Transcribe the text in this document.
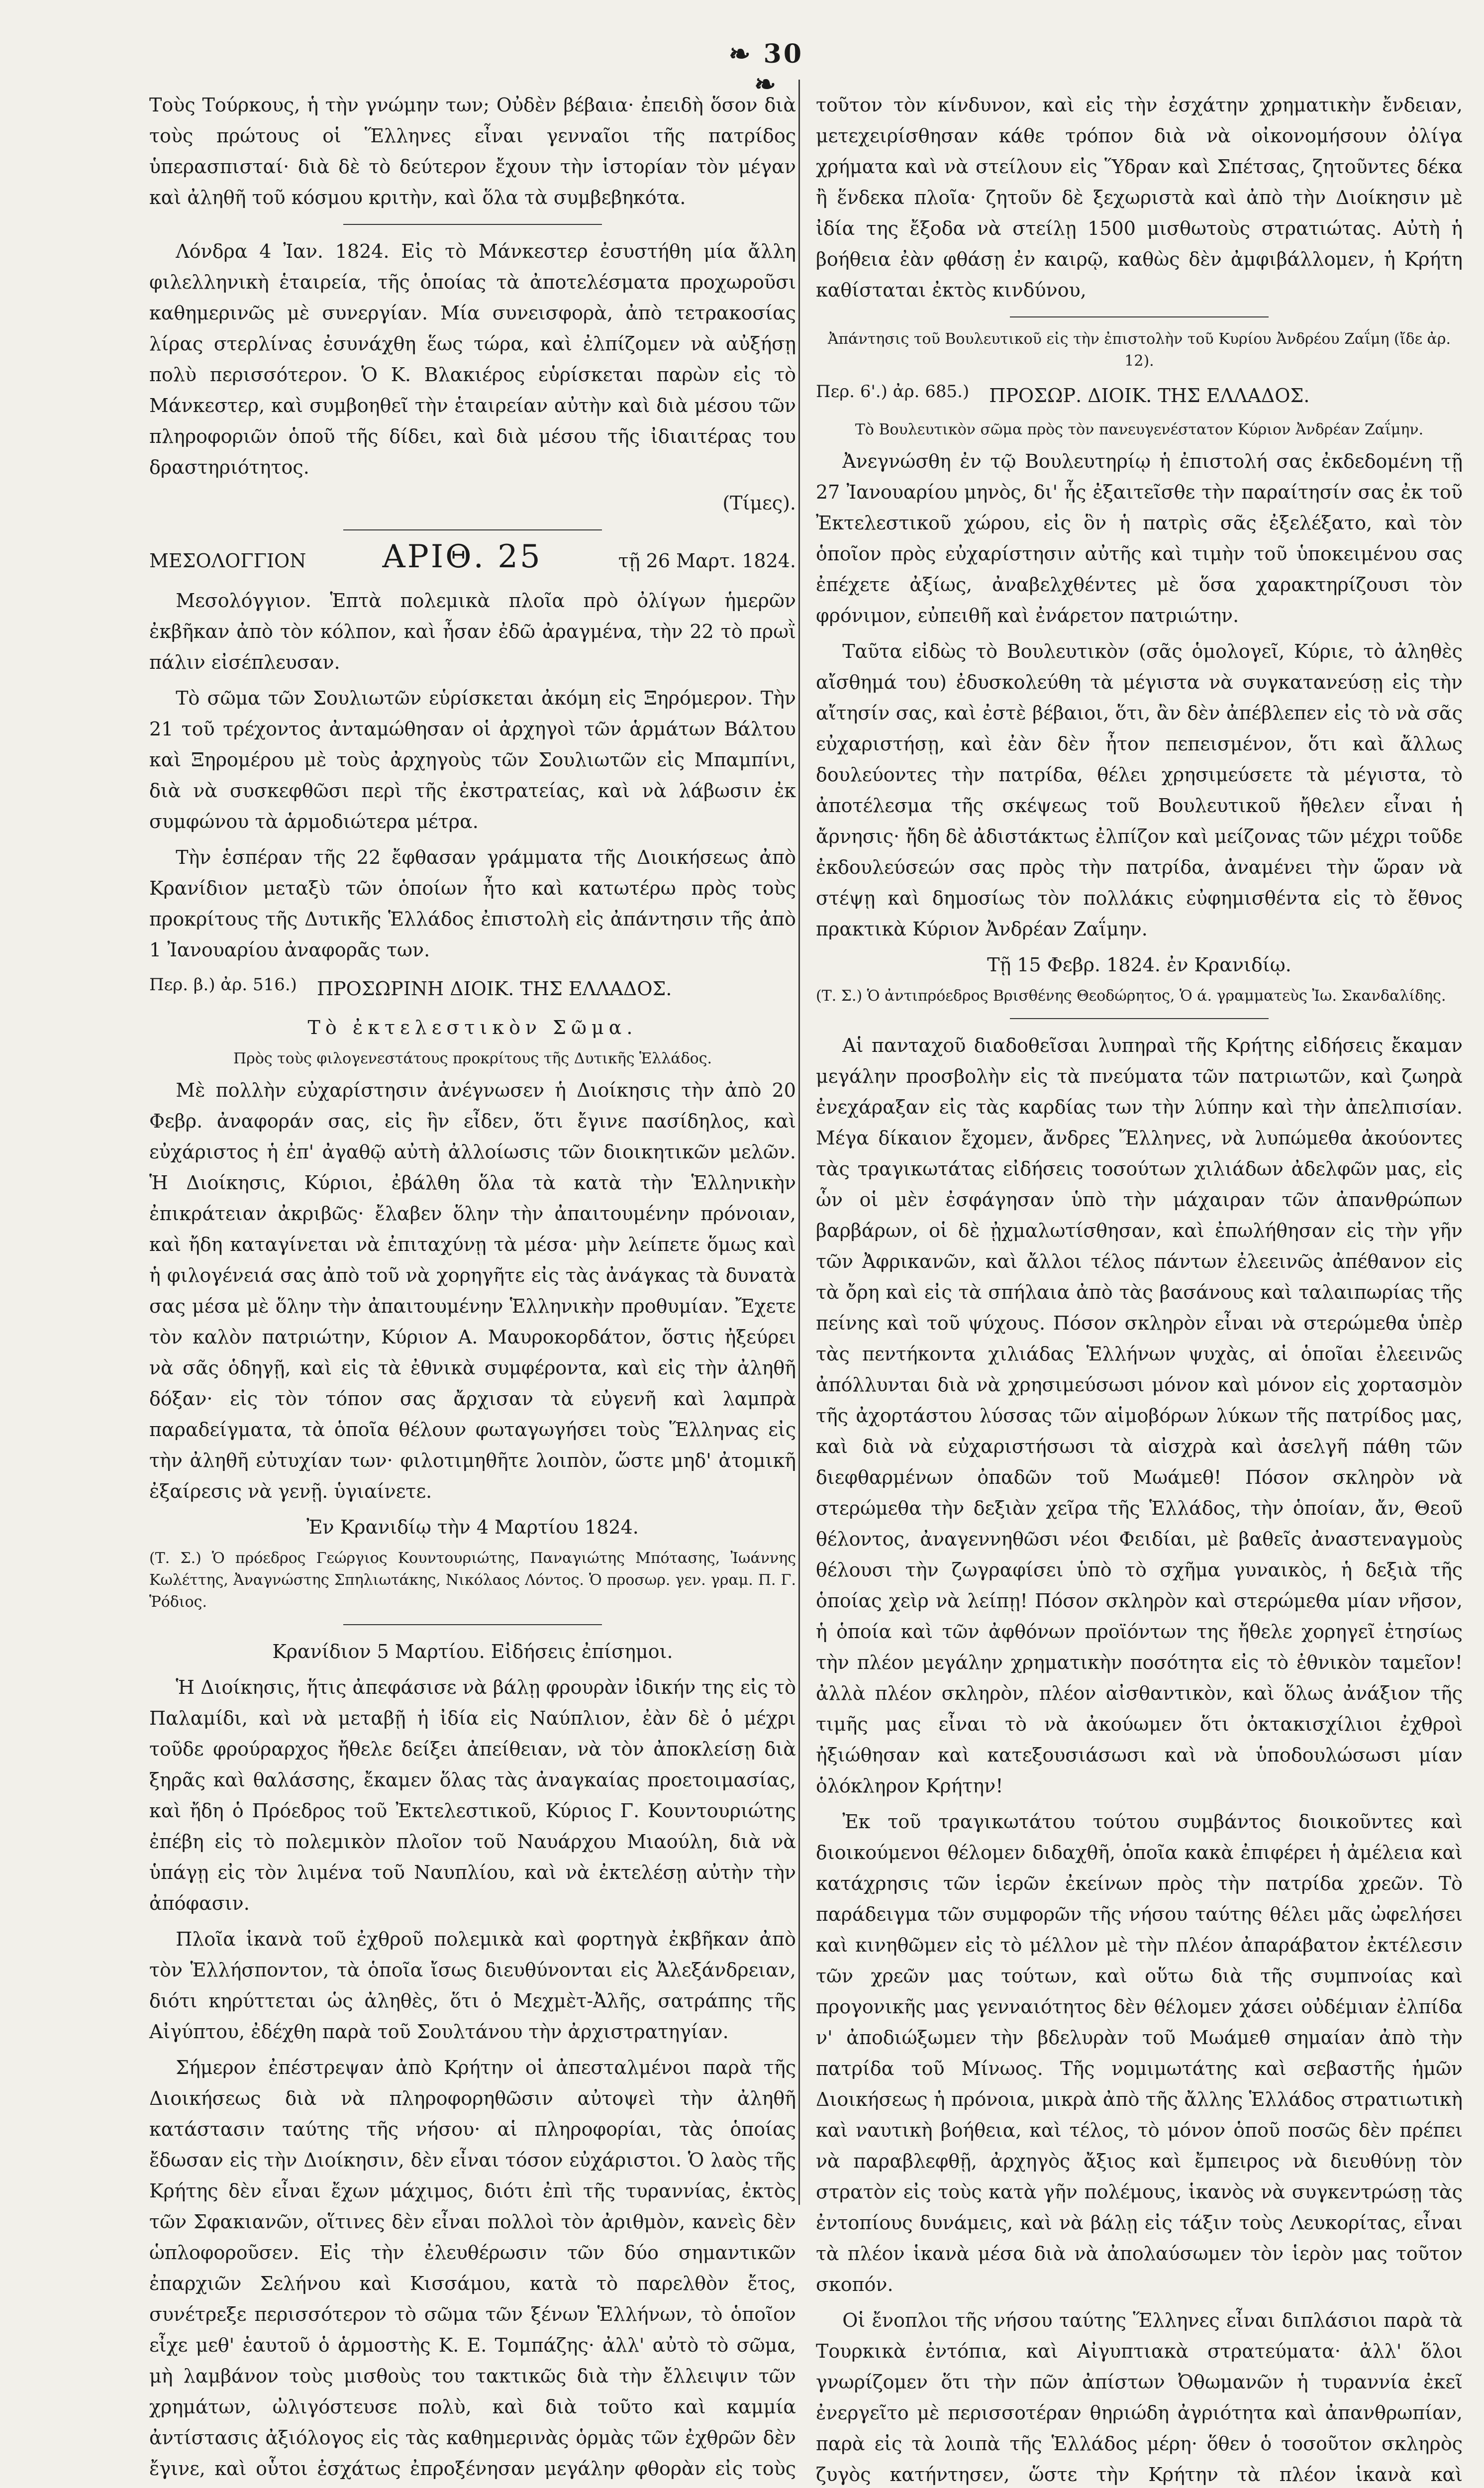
❧ 30 ❧

Τοὺς Τούρκους, ἡ τὴν γνώμην των; Οὐδὲν βέβαια· ἐπειδὴ ὅσον διὰ τοὺς πρώτους οἱ Ἕλληνες εἶναι γενναῖοι τῆς πατρίδος ὑπερασπισταί· διὰ δὲ τὸ δεύτερον ἔχουν τὴν ἱστορίαν τὸν μέγαν καὶ ἀληθῆ τοῦ κόσμου κριτὴν, καὶ ὅλα τὰ συμβεβηκότα.

Λόνδρα 4 Ἰαν. 1824. Εἰς τὸ Μάνκεστερ ἐσυστήθη μία ἄλλη φιλελληνικὴ ἑταιρεία, τῆς ὁποίας τὰ ἀποτελέσματα προχωροῦσι καθημερινῶς μὲ συνεργίαν. Μία συνεισφορὰ, ἀπὸ τετρακοσίας λίρας στερλίνας ἐσυνάχθη ἕως τώρα, καὶ ἐλπίζομεν νὰ αὐξήσῃ πολὺ περισσότερον. Ὁ Κ. Βλακιέρος εὑρίσκεται παρὼν εἰς τὸ Μάνκεστερ, καὶ συμβοηθεῖ τὴν ἑταιρείαν αὐτὴν καὶ διὰ μέσου τῶν πληροφοριῶν ὁποῦ τῆς δίδει, καὶ διὰ μέσου τῆς ἰδιαιτέρας του δραστηριότητος.

(Τίμες).

ΜΕΣΟΛΟΓΓΙΟΝ ΑΡΙΘ. 25	τῇ 26 Μαρτ. 1824.

Μεσολόγγιον. Ἑπτὰ πολεμικὰ πλοῖα πρὸ ὀλίγων ἡμερῶν ἐκβῆκαν ἀπὸ τὸν κόλπον, καὶ ἦσαν ἐδῶ ἀραγμένα, τὴν 22 τὸ πρωῒ πάλιν εἰσέπλευσαν.

Τὸ σῶμα τῶν Σουλιωτῶν εὑρίσκεται ἀκόμη εἰς Ξηρόμερον. Τὴν 21 τοῦ τρέχοντος ἀνταμώθησαν οἱ ἀρχηγοὶ τῶν ἁρμάτων Βάλτου καὶ Ξηρομέρου μὲ τοὺς ἀρχηγοὺς τῶν Σουλιωτῶν εἰς Μπαμπίνι, διὰ νὰ συσκεφθῶσι περὶ τῆς ἐκστρατείας, καὶ νὰ λάβωσιν ἐκ συμφώνου τὰ ἁρμοδιώτερα μέτρα.

Τὴν ἑσπέραν τῆς 22 ἔφθασαν γράμματα τῆς Διοικήσεως ἀπὸ Κρανίδιον μεταξὺ τῶν ὁποίων ἦτο καὶ κατωτέρω πρὸς τοὺς προκρίτους τῆς Δυτικῆς Ἑλλάδος ἐπιστολὴ εἰς ἀπάντησιν τῆς ἀπὸ 1 Ἰανουαρίου ἀναφορᾶς των.

Περ. β.) ἀρ. 516.) ΠΡΟΣΩΡΙΝΗ ΔΙΟΙΚ. ΤΗΣ ΕΛΛΑΔΟΣ.

Τὸ ἐκτελεστικὸν Σῶμα.

Πρὸς τοὺς φιλογενεστάτους προκρίτους τῆς Δυτικῆς Ἑλλάδος.

Μὲ πολλὴν εὐχαρίστησιν ἀνέγνωσεν ἡ Διοίκησις τὴν ἀπὸ 20 Φεβρ. ἀναφοράν σας, εἰς ἣν εἶδεν, ὅτι ἔγινε πασίδηλος, καὶ εὐχάριστος ἡ ἐπ' ἀγαθῷ αὐτὴ ἀλλοίωσις τῶν διοικητικῶν μελῶν. Ἡ Διοίκησις, Κύριοι, ἐβάλθη ὅλα τὰ κατὰ τὴν Ἑλληνικὴν ἐπικράτειαν ἀκριβῶς· ἔλαβεν ὅλην τὴν ἀπαιτουμένην πρόνοιαν, καὶ ἤδη καταγίνεται νὰ ἐπιταχύνῃ τὰ μέσα· μὴν λείπετε ὅμως καὶ ἡ φιλογένειά σας ἀπὸ τοῦ νὰ χορηγῆτε εἰς τὰς ἀνάγκας τὰ δυνατὰ σας μέσα μὲ ὅλην τὴν ἀπαιτουμένην Ἑλληνικὴν προθυμίαν. Ἔχετε τὸν καλὸν πατριώτην, Κύριον Α. Μαυροκορδάτον, ὅστις ἠξεύρει νὰ σᾶς ὁδηγῇ, καὶ εἰς τὰ ἐθνικὰ συμφέροντα, καὶ εἰς τὴν ἀληθῆ δόξαν· εἰς τὸν τόπον σας ἄρχισαν τὰ εὐγενῆ καὶ λαμπρὰ παραδείγματα, τὰ ὁποῖα θέλουν φωταγωγήσει τοὺς Ἕλληνας εἰς τὴν ἀληθῆ εὐτυχίαν των· φιλοτιμηθῆτε λοιπὸν, ὥστε μηδ' ἀτομικῆ ἐξαίρεσις νὰ γενῇ. ὑγιαίνετε.

Ἐν Κρανιδίῳ τὴν 4 Μαρτίου 1824.

(Τ. Σ.) Ὁ πρόεδρος Γεώργιος Κουντουριώτης, Παναγιώτης Μπότασης, Ἰωάννης Κωλέττης, Ἀναγνώστης Σπηλιωτάκης, Νικόλαος Λόντος. Ὁ προσωρ. γεν. γραμ. Π. Γ. Ῥόδιος.

Κρανίδιον 5 Μαρτίου. Εἰδήσεις ἐπίσημοι.

Ἡ Διοίκησις, ἥτις ἀπεφάσισε νὰ βάλῃ φρουρὰν ἰδικήν της εἰς τὸ Παλαμίδι, καὶ νὰ μεταβῇ ἡ ἰδία εἰς Ναύπλιον, ἐὰν δὲ ὁ μέχρι τοῦδε φρούραρχος ἤθελε δείξει ἀπείθειαν, νὰ τὸν ἀποκλείσῃ διὰ ξηρᾶς καὶ θαλάσσης, ἔκαμεν ὅλας τὰς ἀναγκαίας προετοιμασίας, καὶ ἤδη ὁ Πρόεδρος τοῦ Ἐκτελεστικοῦ, Κύριος Γ. Κουντουριώτης ἐπέβη εἰς τὸ πολεμικὸν πλοῖον τοῦ Ναυάρχου Μιαούλη, διὰ νὰ ὑπάγῃ εἰς τὸν λιμένα τοῦ Ναυπλίου, καὶ νὰ ἐκτελέσῃ αὐτὴν τὴν ἀπόφασιν.

Πλοῖα ἱκανὰ τοῦ ἐχθροῦ πολεμικὰ καὶ φορτηγὰ ἐκβῆκαν ἀπὸ τὸν Ἑλλήσποντον, τὰ ὁποῖα ἴσως διευθύνονται εἰς Ἀλεξάνδρειαν, διότι κηρύττεται ὡς ἀληθὲς, ὅτι ὁ Μεχμὲτ-Ἀλῆς, σατράπης τῆς Αἰγύπτου, ἐδέχθη παρὰ τοῦ Σουλτάνου τὴν ἀρχιστρατηγίαν.

Σήμερον ἐπέστρεψαν ἀπὸ Κρήτην οἱ ἀπεσταλμένοι παρὰ τῆς Διοικήσεως διὰ νὰ πληροφορηθῶσιν αὐτοψεὶ τὴν ἀληθῆ κατάστασιν ταύτης τῆς νήσου· αἱ πληροφορίαι, τὰς ὁποίας ἔδωσαν εἰς τὴν Διοίκησιν, δὲν εἶναι τόσον εὐχάριστοι. Ὁ λαὸς τῆς Κρήτης δὲν εἶναι ἔχων μάχιμος, διότι ἐπὶ τῆς τυραννίας, ἐκτὸς τῶν Σφακιανῶν, οἵτινες δὲν εἶναι πολλοὶ τὸν ἀριθμὸν, κανεὶς δὲν ὡπλοφοροῦσεν. Εἰς τὴν ἐλευθέρωσιν τῶν δύο σημαντικῶν ἐπαρχιῶν Σελήνου καὶ Κισσάμου, κατὰ τὸ παρελθὸν ἔτος, συνέτρεξε περισσότερον τὸ σῶμα τῶν ξένων Ἑλλήνων, τὸ ὁποῖον εἶχε μεθ' ἑαυτοῦ ὁ ἁρμοστὴς Κ. Ε. Τομπάζης· ἀλλ' αὐτὸ τὸ σῶμα, μὴ λαμβάνον τοὺς μισθοὺς του τακτικῶς διὰ τὴν ἔλλειψιν τῶν χρημάτων, ὠλιγόστευσε πολὺ, καὶ διὰ τοῦτο καὶ καμμία ἀντίστασις ἀξιόλογος εἰς τὰς καθημερινὰς ὁρμὰς τῶν ἐχθρῶν δὲν ἔγινε, καὶ οὗτοι ἐσχάτως ἐπροξένησαν μεγάλην φθορὰν εἰς τοὺς

τοῦτον τὸν κίνδυνον, καὶ εἰς τὴν ἐσχάτην χρηματικὴν ἔνδειαν, μετεχειρίσθησαν κάθε τρόπον διὰ νὰ οἰκονομήσουν ὀλίγα χρήματα καὶ νὰ στείλουν εἰς Ὕδραν καὶ Σπέτσας, ζητοῦντες δέκα ἢ ἕνδεκα πλοῖα· ζητοῦν δὲ ξεχωριστὰ καὶ ἀπὸ τὴν Διοίκησιν μὲ ἰδία της ἔξοδα νὰ στείλῃ 1500 μισθωτοὺς στρατιώτας. Αὐτὴ ἡ βοήθεια ἐὰν φθάσῃ ἐν καιρῷ, καθὼς δὲν ἀμφιβάλλομεν, ἡ Κρήτη καθίσταται ἐκτὸς κινδύνου,

Ἀπάντησις τοῦ Βουλευτικοῦ εἰς τὴν ἐπιστολὴν τοῦ Κυρίου Ἀνδρέου Ζαΐμη (ἴδε ἀρ. 12).

Περ. 6'.) ἀρ. 685.) ΠΡΟΣΩΡ. ΔΙΟΙΚ. ΤΗΣ ΕΛΛΑΔΟΣ.

Τὸ Βουλευτικὸν σῶμα πρὸς τὸν πανευγενέστατον Κύριον Ἀνδρέαν Ζαΐμην.

Ἀνεγνώσθη ἐν τῷ Βουλευτηρίῳ ἡ ἐπιστολή σας ἐκδεδομένη τῇ 27 Ἰανουαρίου μηνὸς, δι' ἧς ἐξαιτεῖσθε τὴν παραίτησίν σας ἐκ τοῦ Ἐκτελεστικοῦ χώρου, εἰς ὃν ἡ πατρὶς σᾶς ἐξελέξατο, καὶ τὸν ὁποῖον πρὸς εὐχαρίστησιν αὐτῆς καὶ τιμὴν τοῦ ὑποκειμένου σας ἐπέχετε ἀξίως, ἀναβελχθέντες μὲ ὅσα χαρακτηρίζουσι τὸν φρόνιμον, εὐπειθῆ καὶ ἐνάρετον πατριώτην.

Ταῦτα εἰδὼς τὸ Βουλευτικὸν (σᾶς ὁμολογεῖ, Κύριε, τὸ ἀληθὲς αἴσθημά του) ἐδυσκολεύθη τὰ μέγιστα νὰ συγκατανεύσῃ εἰς τὴν αἴτησίν σας, καὶ ἐστὲ βέβαιοι, ὅτι, ἂν δὲν ἀπέβλεπεν εἰς τὸ νὰ σᾶς εὐχαριστήσῃ, καὶ ἐὰν δὲν ἦτον πεπεισμένον, ὅτι καὶ ἄλλως δουλεύοντες τὴν πατρίδα, θέλει χρησιμεύσετε τὰ μέγιστα, τὸ ἀποτέλεσμα τῆς σκέψεως τοῦ Βουλευτικοῦ ἤθελεν εἶναι ἡ ἄρνησις· ἤδη δὲ ἀδιστάκτως ἐλπίζον καὶ μείζονας τῶν μέχρι τοῦδε ἐκδουλεύσεών σας πρὸς τὴν πατρίδα, ἀναμένει τὴν ὥραν νὰ στέψῃ καὶ δημοσίως τὸν πολλάκις εὐφημισθέντα εἰς τὸ ἔθνος πρακτικὰ Κύριον Ἀνδρέαν Ζαΐμην.

Τῇ 15 Φεβρ. 1824. ἐν Κρανιδίῳ.

(Τ. Σ.) Ὁ ἀντιπρόεδρος Βρισθένης Θεοδώρητος, Ὁ ά. γραμματεὺς Ἰω. Σκανδαλίδης.

Αἱ πανταχοῦ διαδοθεῖσαι λυπηραὶ τῆς Κρήτης εἰδήσεις ἔκαμαν μεγάλην προσβολὴν εἰς τὰ πνεύματα τῶν πατριωτῶν, καὶ ζωηρὰ ἐνεχάραξαν εἰς τὰς καρδίας των τὴν λύπην καὶ τὴν ἀπελπισίαν. Μέγα δίκαιον ἔχομεν, ἄνδρες Ἕλληνες, νὰ λυπώμεθα ἀκούοντες τὰς τραγικωτάτας εἰδήσεις τοσούτων χιλιάδων ἀδελφῶν μας, εἰς ὧν οἱ μὲν ἐσφάγησαν ὑπὸ τὴν μάχαιραν τῶν ἀπανθρώπων βαρβάρων, οἱ δὲ ᾐχμαλωτίσθησαν, καὶ ἐπωλήθησαν εἰς τὴν γῆν τῶν Ἀφρικανῶν, καὶ ἄλλοι τέλος πάντων ἐλεεινῶς ἀπέθανον εἰς τὰ ὄρη καὶ εἰς τὰ σπήλαια ἀπὸ τὰς βασάνους καὶ ταλαιπωρίας τῆς πείνης καὶ τοῦ ψύχους. Πόσον σκληρὸν εἶναι νὰ στερώμεθα ὑπὲρ τὰς πεντήκοντα χιλιάδας Ἑλλήνων ψυχὰς, αἱ ὁποῖαι ἐλεεινῶς ἀπόλλυνται διὰ νὰ χρησιμεύσωσι μόνον καὶ μόνον εἰς χορτασμὸν τῆς ἀχορτάστου λύσσας τῶν αἱμοβόρων λύκων τῆς πατρίδος μας, καὶ διὰ νὰ εὐχαριστήσωσι τὰ αἰσχρὰ καὶ ἀσελγῆ πάθη τῶν διεφθαρμένων ὀπαδῶν τοῦ Μωάμεθ! Πόσον σκληρὸν νὰ στερώμεθα τὴν δεξιὰν χεῖρα τῆς Ἑλλάδος, τὴν ὁποίαν, ἄν, Θεοῦ θέλοντος, ἀναγεννηθῶσι νέοι Φειδίαι, μὲ βαθεῖς ἀναστεναγμοὺς θέλουσι τὴν ζωγραφίσει ὑπὸ τὸ σχῆμα γυναικὸς, ἡ δεξιὰ τῆς ὁποίας χεὶρ νὰ λείπῃ! Πόσον σκληρὸν καὶ στερώμεθα μίαν νῆσον, ἡ ὁποία καὶ τῶν ἀφθόνων προϊόντων της ἤθελε χορηγεῖ ἐτησίως τὴν πλέον μεγάλην χρηματικὴν ποσότητα εἰς τὸ ἐθνικὸν ταμεῖον! ἀλλὰ πλέον σκληρὸν, πλέον αἰσθαντικὸν, καὶ ὅλως ἀνάξιον τῆς τιμῆς μας εἶναι τὸ νὰ ἀκούωμεν ὅτι ὀκτακισχίλιοι ἐχθροὶ ἠξιώθησαν καὶ κατεξουσιάσωσι καὶ νὰ ὑποδουλώσωσι μίαν ὁλόκληρον Κρήτην!

Ἐκ τοῦ τραγικωτάτου τούτου συμβάντος διοικοῦντες καὶ διοικούμενοι θέλομεν διδαχθῆ, ὁποῖα κακὰ ἐπιφέρει ἡ ἀμέλεια καὶ κατάχρησις τῶν ἱερῶν ἐκείνων πρὸς τὴν πατρίδα χρεῶν. Τὸ παράδειγμα τῶν συμφορῶν τῆς νήσου ταύτης θέλει μᾶς ὠφελήσει καὶ κινηθῶμεν εἰς τὸ μέλλον μὲ τὴν πλέον ἀπαράβατον ἐκτέλεσιν τῶν χρεῶν μας τούτων, καὶ οὕτω διὰ τῆς συμπνοίας καὶ προγονικῆς μας γενναιότητος δὲν θέλομεν χάσει οὐδέμιαν ἐλπίδα ν' ἀποδιώξωμεν τὴν βδελυρὰν τοῦ Μωάμεθ σημαίαν ἀπὸ τὴν πατρίδα τοῦ Μίνωος. Τῆς νομιμωτάτης καὶ σεβαστῆς ἡμῶν Διοικήσεως ἡ πρόνοια, μικρὰ ἀπὸ τῆς ἄλλης Ἑλλάδος στρατιωτικὴ καὶ ναυτικὴ βοήθεια, καὶ τέλος, τὸ μόνον ὁποῦ ποσῶς δὲν πρέπει νὰ παραβλεφθῇ, ἀρχηγὸς ἄξιος καὶ ἔμπειρος νὰ διευθύνῃ τὸν στρατὸν εἰς τοὺς κατὰ γῆν πολέμους, ἱκανὸς νὰ συγκεντρώσῃ τὰς ἐντοπίους δυνάμεις, καὶ νὰ βάλῃ εἰς τάξιν τοὺς Λευκορίτας, εἶναι τὰ πλέον ἱκανὰ μέσα διὰ νὰ ἀπολαύσωμεν τὸν ἱερὸν μας τοῦτον σκοπόν.

Οἱ ἔνοπλοι τῆς νήσου ταύτης Ἕλληνες εἶναι διπλάσιοι παρὰ τὰ Τουρκικὰ ἐντόπια, καὶ Αἰγυπτιακὰ στρατεύματα· ἀλλ' ὅλοι γνωρίζομεν ὅτι τὴν πῶν ἀπίστων Ὀθωμανῶν ἡ τυραννία ἐκεῖ ἐνεργεῖτο μὲ περισσοτέραν θηριώδη ἀγριότητα καὶ ἀπανθρωπίαν, παρὰ εἰς τὰ λοιπὰ τῆς Ἑλλάδος μέρη· ὅθεν ὁ τοσοῦτον σκληρὸς ζυγὸς κατήντησεν, ὥστε τὴν Κρήτην τὰ πλέον ἱκανὰ καὶ
